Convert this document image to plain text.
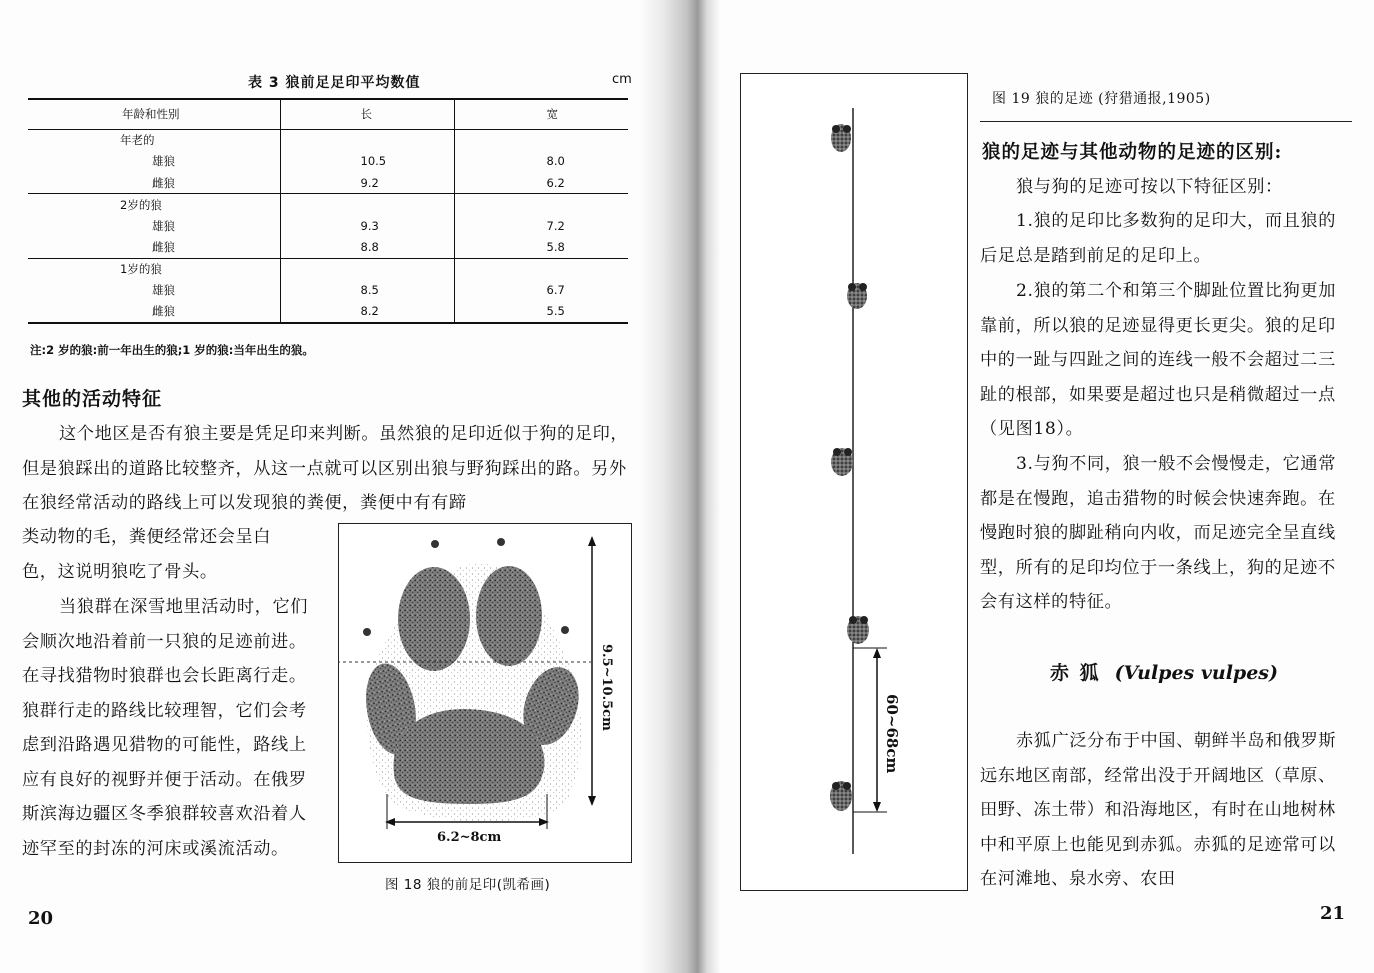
表 3 狼前足足印平均数值	cm
年龄和性别	长	宽
年老的		
雄狼	10.5	8.0
雌狼	9.2	6.2
2岁的狼		
雄狼	9.3	7.2
雌狼	8.8	5.8
1岁的狼		
雄狼	8.5	6.7
雌狼	8.2	5.5
注:2 岁的狼:前一年出生的狼;1 岁的狼:当年出生的狼。
其他的活动特征

这个地区是否有狼主要是凭足印来判断。虽然狼的足印近似于狗的足印，但是狼踩出的道路比较整齐，从这一点就可以区别出狼与野狗踩出的路。另外在狼经常活动的路线上可以发现狼的粪便，粪便中有有蹄

类动物的毛，粪便经常还会呈白色，这说明狼吃了骨头。

当狼群在深雪地里活动时，它们会顺次地沿着前一只狼的足迹前进。在寻找猎物时狼群也会长距离行走。狼群行走的路线比较理智，它们会考虑到沿路遇见猎物的可能性，路线上应有良好的视野并便于活动。在俄罗斯滨海边疆区冬季狼群较喜欢沿着人迹罕至的封冻的河床或溪流活动。

9.5~10.5cm
6.2~8cm
图 18 狼的前足印(凯希画)
20
60~68cm
图 19 狼的足迹 (狩猎通报,1905)
狼的足迹与其他动物的足迹的区别:

狼与狗的足迹可按以下特征区别：

1.狼的足印比多数狗的足印大，而且狼的后足总是踏到前足的足印上。

2.狼的第二个和第三个脚趾位置比狗更加靠前，所以狼的足迹显得更长更尖。狼的足印中的一趾与四趾之间的连线一般不会超过二三趾的根部，如果要是超过也只是稍微超过一点（见图18）。

3.与狗不同，狼一般不会慢慢走，它通常都是在慢跑，追击猎物的时候会快速奔跑。在慢跑时狼的脚趾稍向内收，而足迹完全呈直线型，所有的足印均位于一条线上，狗的足迹不会有这样的特征。

赤 狐 (Vulpes vulpes)

赤狐广泛分布于中国、朝鲜半岛和俄罗斯远东地区南部，经常出没于开阔地区（草原、田野、冻土带）和沿海地区，有时在山地树林中和平原上也能见到赤狐。赤狐的足迹常可以在河滩地、泉水旁、农田

21
